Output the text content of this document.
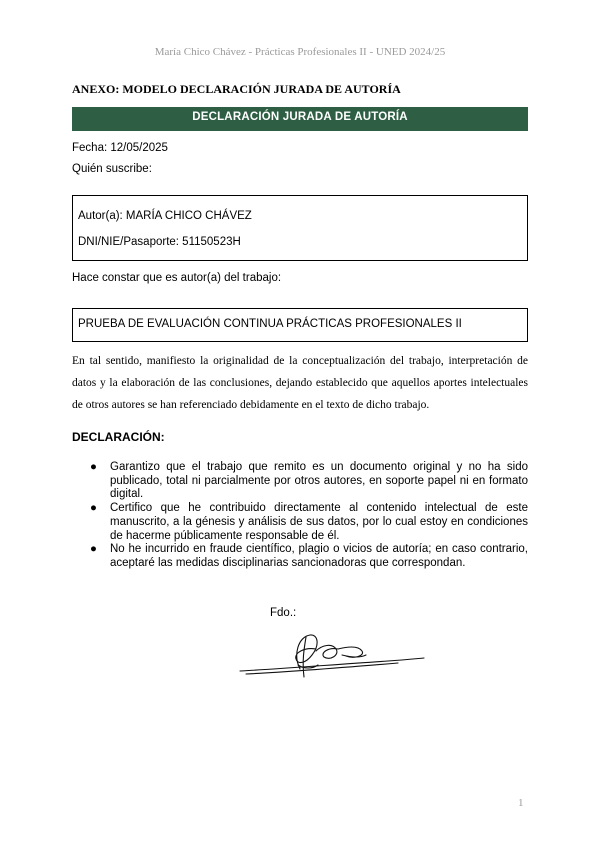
María Chico Chávez - Prácticas Profesionales II - UNED 2024/25
ANEXO: MODELO DECLARACIÓN JURADA DE AUTORÍA
DECLARACIÓN JURADA DE AUTORÍA
Fecha: 12/05/2025
Quién suscribe:
Autor(a): MARÍA CHICO CHÁVEZ
DNI/NIE/Pasaporte: 51150523H
Hace constar que es autor(a) del trabajo:
PRUEBA DE EVALUACIÓN CONTINUA PRÁCTICAS PROFESIONALES II
En tal sentido, manifiesto la originalidad de la conceptualización del trabajo, interpretación de datos y la elaboración de las conclusiones, dejando establecido que aquellos aportes intelectuales de otros autores se han referenciado debidamente en el texto de dicho trabajo.
DECLARACIÓN:
● Garantizo que el trabajo que remito es un documento original y no ha sido publicado, total ni parcialmente por otros autores, en soporte papel ni en formato digital.
● Certifico que he contribuido directamente al contenido intelectual de este manuscrito, a la génesis y análisis de sus datos, por lo cual estoy en condiciones de hacerme públicamente responsable de él.
● No he incurrido en fraude científico, plagio o vicios de autoría; en caso contrario, aceptaré las medidas disciplinarias sancionadoras que correspondan.
Fdo.:
1
